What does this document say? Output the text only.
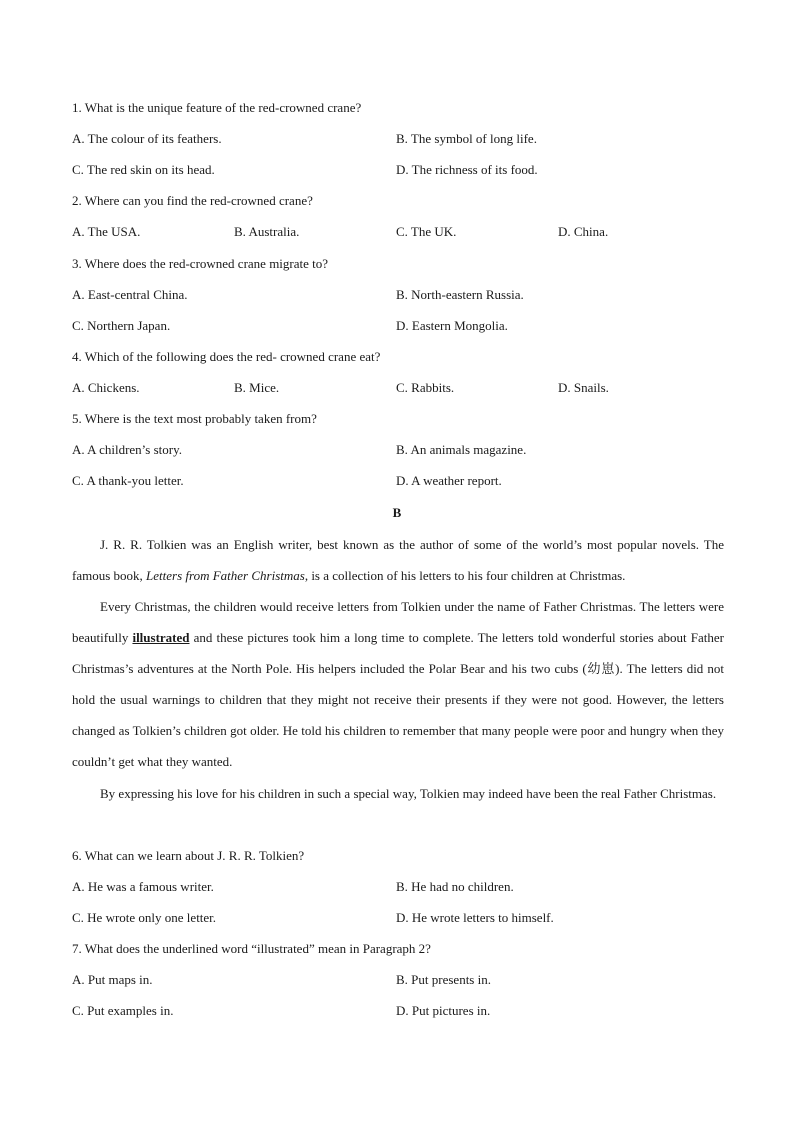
1. What is the unique feature of the red-crowned crane?
A. The colour of its feathers.	B. The symbol of long life.
C. The red skin on its head.	D. The richness of its food.
2. Where can you find the red-crowned crane?
A. The USA.	B. Australia.	C. The UK.	D. China.
3. Where does the red-crowned crane migrate to?
A. East-central China.	B. North-eastern Russia.
C. Northern Japan.	D. Eastern Mongolia.
4. Which of the following does the red- crowned crane eat?
A. Chickens.	B. Mice.	C. Rabbits.	D. Snails.
5. Where is the text most probably taken from?
A. A children’s story.	B. An animals magazine.
C. A thank-you letter.	D. A weather report.
B
J. R. R. Tolkien was an English writer, best known as the author of some of the world’s most popular novels. The famous book, Letters from Father Christmas, is a collection of his letters to his four children at Christmas.
Every Christmas, the children would receive letters from Tolkien under the name of Father Christmas. The letters were beautifully illustrated and these pictures took him a long time to complete. The letters told wonderful stories about Father Christmas’s adventures at the North Pole. His helpers included the Polar Bear and his two cubs (幼崽). The letters did not hold the usual warnings to children that they might not receive their presents if they were not good. However, the letters changed as Tolkien’s children got older. He told his children to remember that many people were poor and hungry when they couldn’t get what they wanted.
By expressing his love for his children in such a special way, Tolkien may indeed have been the real Father Christmas.
6. What can we learn about J. R. R. Tolkien?
A. He was a famous writer.	B. He had no children.
C. He wrote only one letter.	D. He wrote letters to himself.
7. What does the underlined word “illustrated” mean in Paragraph 2?
A. Put maps in.	B. Put presents in.
C. Put examples in.	D. Put pictures in.
